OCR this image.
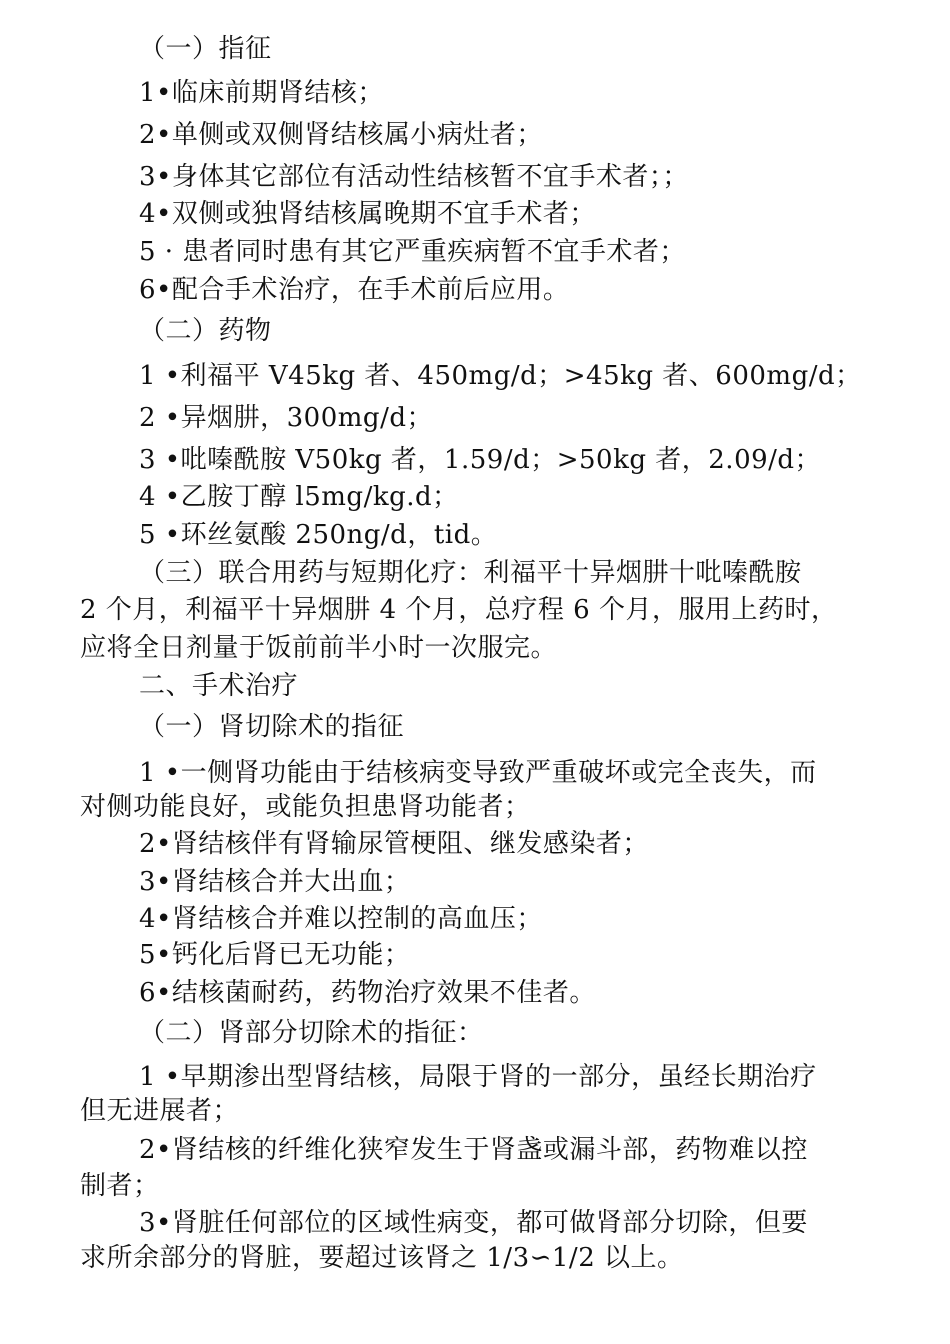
（一）指征
1•临床前期肾结核；
2•单侧或双侧肾结核属小病灶者；
3•身体其它部位有活动性结核暂不宜手术者；；
4•双侧或独肾结核属晚期不宜手术者；
5 · 患者同时患有其它严重疾病暂不宜手术者；
6•配合手术治疗，在手术前后应用。
（二）药物
1 •利福平 V45kg 者、450mg/d；>45kg 者、600mg/d；
2 •异烟肼，300mg/d；
3 •吡嗪酰胺 V50kg 者，1.59/d；>50kg 者，2.09/d；
4 •乙胺丁醇 l5mg/kg.d；
5 •环丝氨酸 250ng/d，tid。
（三）联合用药与短期化疗：利福平十异烟肼十吡嗪酰胺
2 个月，利福平十异烟肼 4 个月，总疗程 6 个月，服用上药时，
应将全日剂量于饭前前半小时一次服完。
二、手术治疗
（一）肾切除术的指征
1 •一侧肾功能由于结核病变导致严重破坏或完全丧失，而
对侧功能良好，或能负担患肾功能者；
2•肾结核伴有肾输尿管梗阻、继发感染者；
3•肾结核合并大出血；
4•肾结核合并难以控制的高血压；
5•钙化后肾已无功能；
6•结核菌耐药，药物治疗效果不佳者。
（二）肾部分切除术的指征：
1 •早期渗出型肾结核，局限于肾的一部分，虽经长期治疗
但无进展者；
2•肾结核的纤维化狭窄发生于肾盏或漏斗部，药物难以控
制者；
3•肾脏任何部位的区域性病变，都可做肾部分切除，但要
求所余部分的肾脏，要超过该肾之 1/3∽1/2 以上。
